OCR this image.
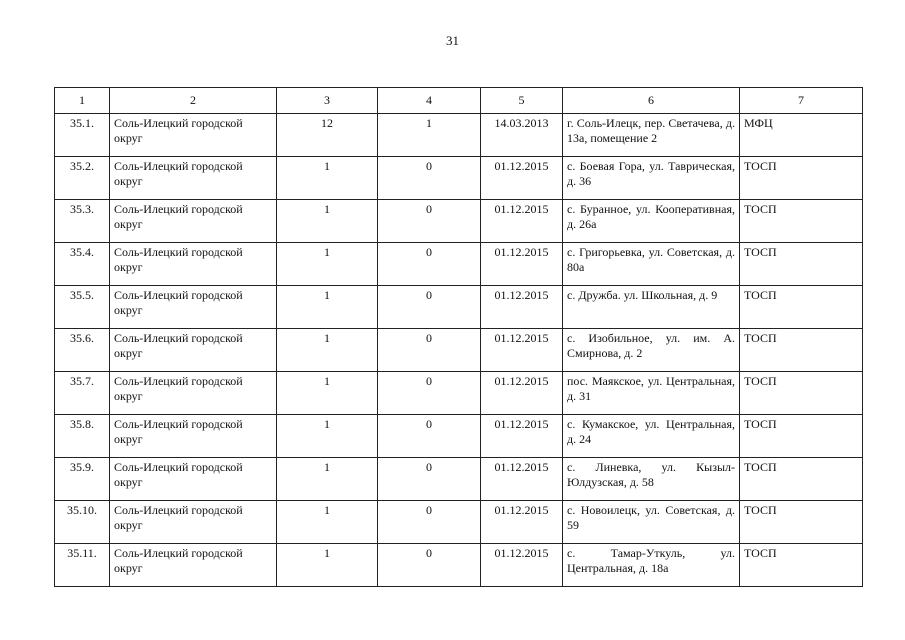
31
1	2	3	4	5	6	7
35.1.	Соль-Илецкий городской округ	12	1	14.03.2013	г. Соль-Илецк, пер. Светачева, д. 13а, помещение 2	МФЦ
35.2.	Соль-Илецкий городской округ	1	0	01.12.2015	с. Боевая Гора, ул. Таврическая, д. 36	ТОСП
35.3.	Соль-Илецкий городской округ	1	0	01.12.2015	с. Буранное, ул. Кооперативная, д. 26а	ТОСП
35.4.	Соль-Илецкий городской округ	1	0	01.12.2015	с. Григорьевка, ул. Советская, д. 80а	ТОСП
35.5.	Соль-Илецкий городской округ	1	0	01.12.2015	с. Дружба. ул. Школьная, д. 9	ТОСП
35.6.	Соль-Илецкий городской округ	1	0	01.12.2015	с. Изобильное, ул. им. А. Смирнова, д. 2	ТОСП
35.7.	Соль-Илецкий городской округ	1	0	01.12.2015	пос. Маякское, ул. Центральная, д. 31	ТОСП
35.8.	Соль-Илецкий городской округ	1	0	01.12.2015	с. Кумакское, ул. Центральная, д. 24	ТОСП
35.9.	Соль-Илецкий городской округ	1	0	01.12.2015	с. Линевка, ул. Кызыл-Юлдузская, д. 58	ТОСП
35.10.	Соль-Илецкий городской округ	1	0	01.12.2015	с. Новоилецк, ул. Советская, д. 59	ТОСП
35.11.	Соль-Илецкий городской округ	1	0	01.12.2015	с. Тамар-Уткуль, ул. Центральная, д. 18а	ТОСП
